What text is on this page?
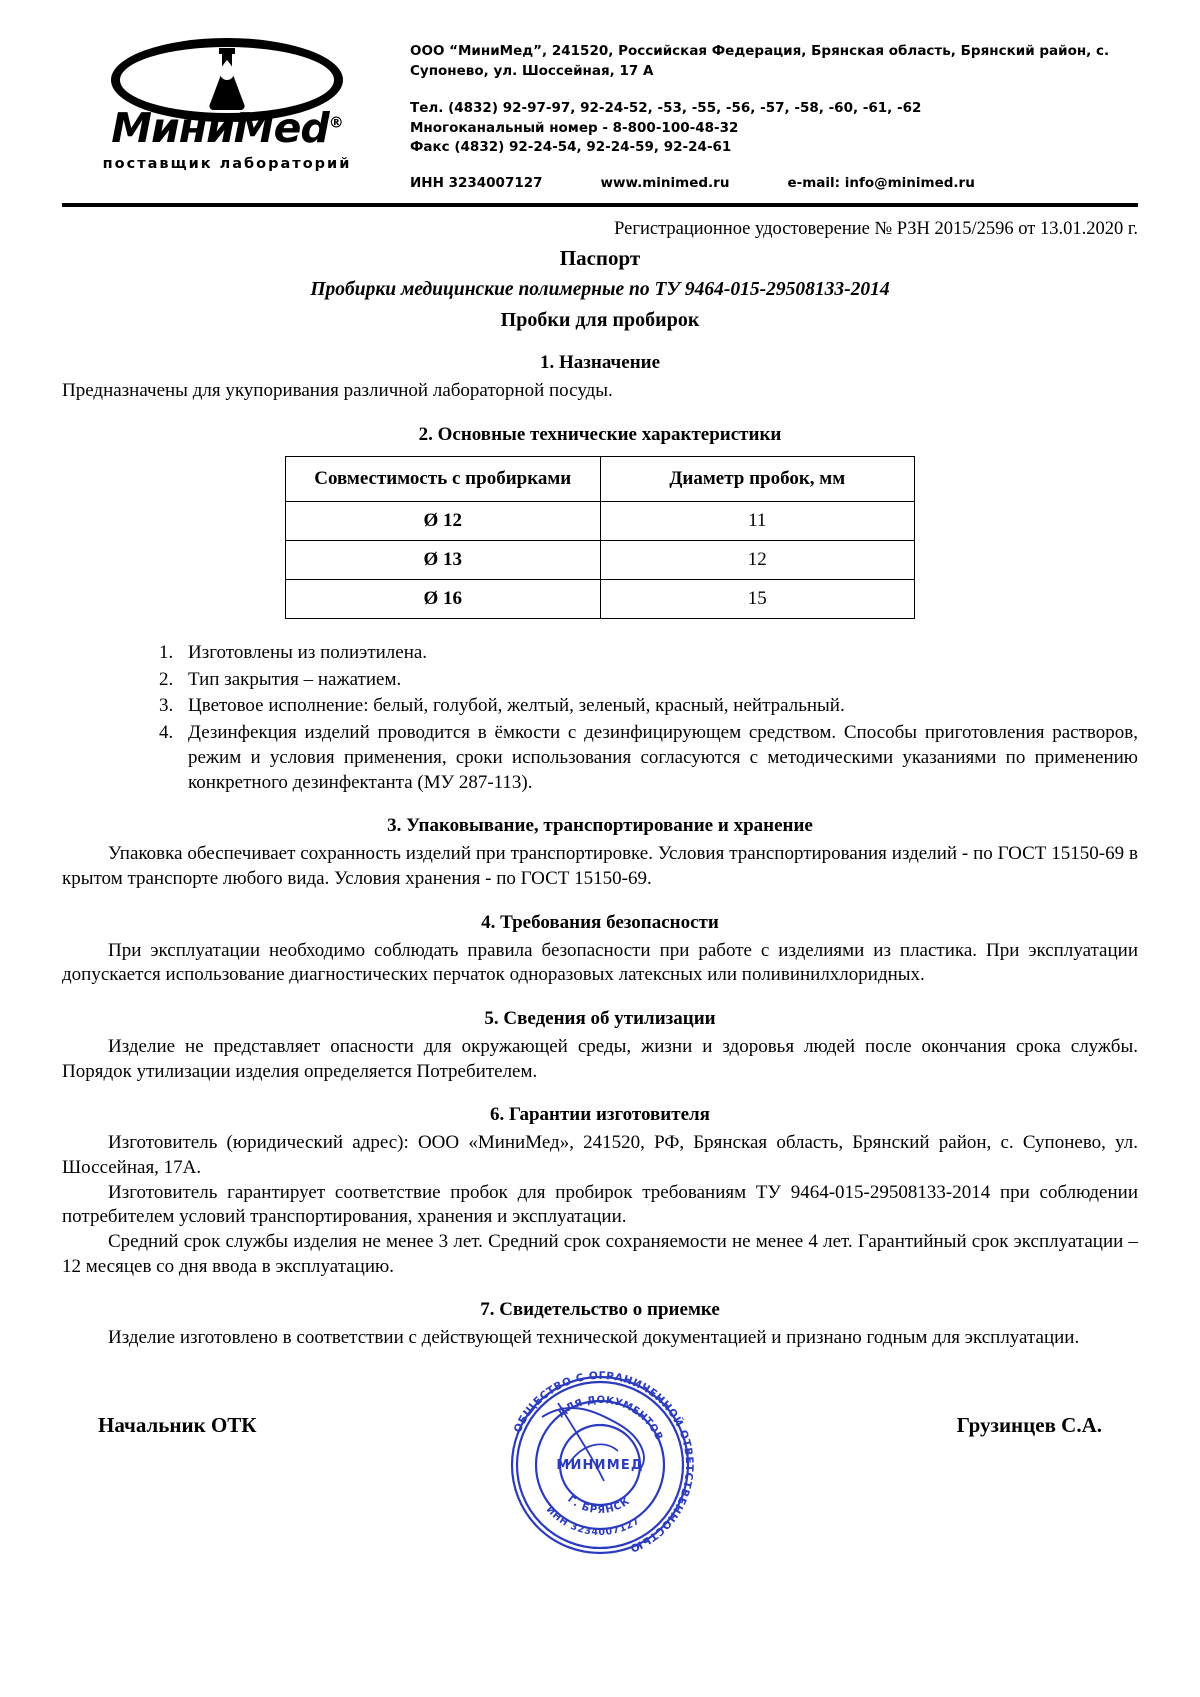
МиниМеd®
поставщик лабораторий
ООО “МиниМед”, 241520, Российская Федерация, Брянская область, Брянский район, с. Супонево, ул. Шоссейная, 17 А
Тел. (4832) 92-97-97, 92-24-52, -53, -55, -56, -57, -58, -60, -61, -62
Многоканальный номер - 8-800-100-48-32
Факс (4832) 92-24-54, 92-24-59, 92-24-61
ИНН 3234007127	www.minimed.ru	e-mail: info@minimed.ru
Регистрационное удостоверение № РЗН 2015/2596 от 13.01.2020 г.
Паспорт
Пробирки медицинские полимерные по ТУ 9464-015-29508133-2014
Пробки для пробирок
1. Назначение

Предназначены для укупоривания различной лабораторной посуды.

2. Основные технические характеристики
Совместимость с пробирками	Диаметр пробок, мм
Ø 12	11
Ø 13	12
Ø 16	15
1. Изготовлены из полиэтилена.
2. Тип закрытия – нажатием.
3. Цветовое исполнение: белый, голубой, желтый, зеленый, красный, нейтральный.
4. Дезинфекция изделий проводится в ёмкости с дезинфицирующем средством. Способы приготовления растворов, режим и условия применения, сроки использования согласуются с методическими указаниями по применению конкретного дезинфектанта (МУ 287-113).
3. Упаковывание, транспортирование и хранение

Упаковка обеспечивает сохранность изделий при транспортировке. Условия транспортирования изделий - по ГОСТ 15150-69 в крытом транспорте любого вида. Условия хранения - по ГОСТ 15150-69.

4. Требования безопасности

При эксплуатации необходимо соблюдать правила безопасности при работе с изделиями из пластика. При эксплуатации допускается использование диагностических перчаток одноразовых латексных или поливинилхлоридных.

5. Сведения об утилизации

Изделие не представляет опасности для окружающей среды, жизни и здоровья людей после окончания срока службы. Порядок утилизации изделия определяется Потребителем.

6. Гарантии изготовителя

Изготовитель (юридический адрес): ООО «МиниМед», 241520, РФ, Брянская область, Брянский район, с. Супонево, ул. Шоссейная, 17А.

Изготовитель гарантирует соответствие пробок для пробирок требованиям ТУ 9464-015-29508133-2014 при соблюдении потребителем условий транспортирования, хранения и эксплуатации.

Средний срок службы изделия не менее 3 лет. Средний срок сохраняемости не менее 4 лет. Гарантийный срок эксплуатации – 12 месяцев со дня ввода в эксплуатацию.

7. Свидетельство о приемке

Изделие изготовлено в соответствии с действующей технической документацией и признано годным для эксплуатации.

Начальник ОТК	ОБЩЕСТВО С ОГРАНИЧЕННОЙ ОТВЕТСТВЕННОСТЬЮ
ДЛЯ ДОКУМЕНТОВ
ИНН 3234007127
Г. БРЯНСК
МИНИМЕД
Грузинцев С.А.
